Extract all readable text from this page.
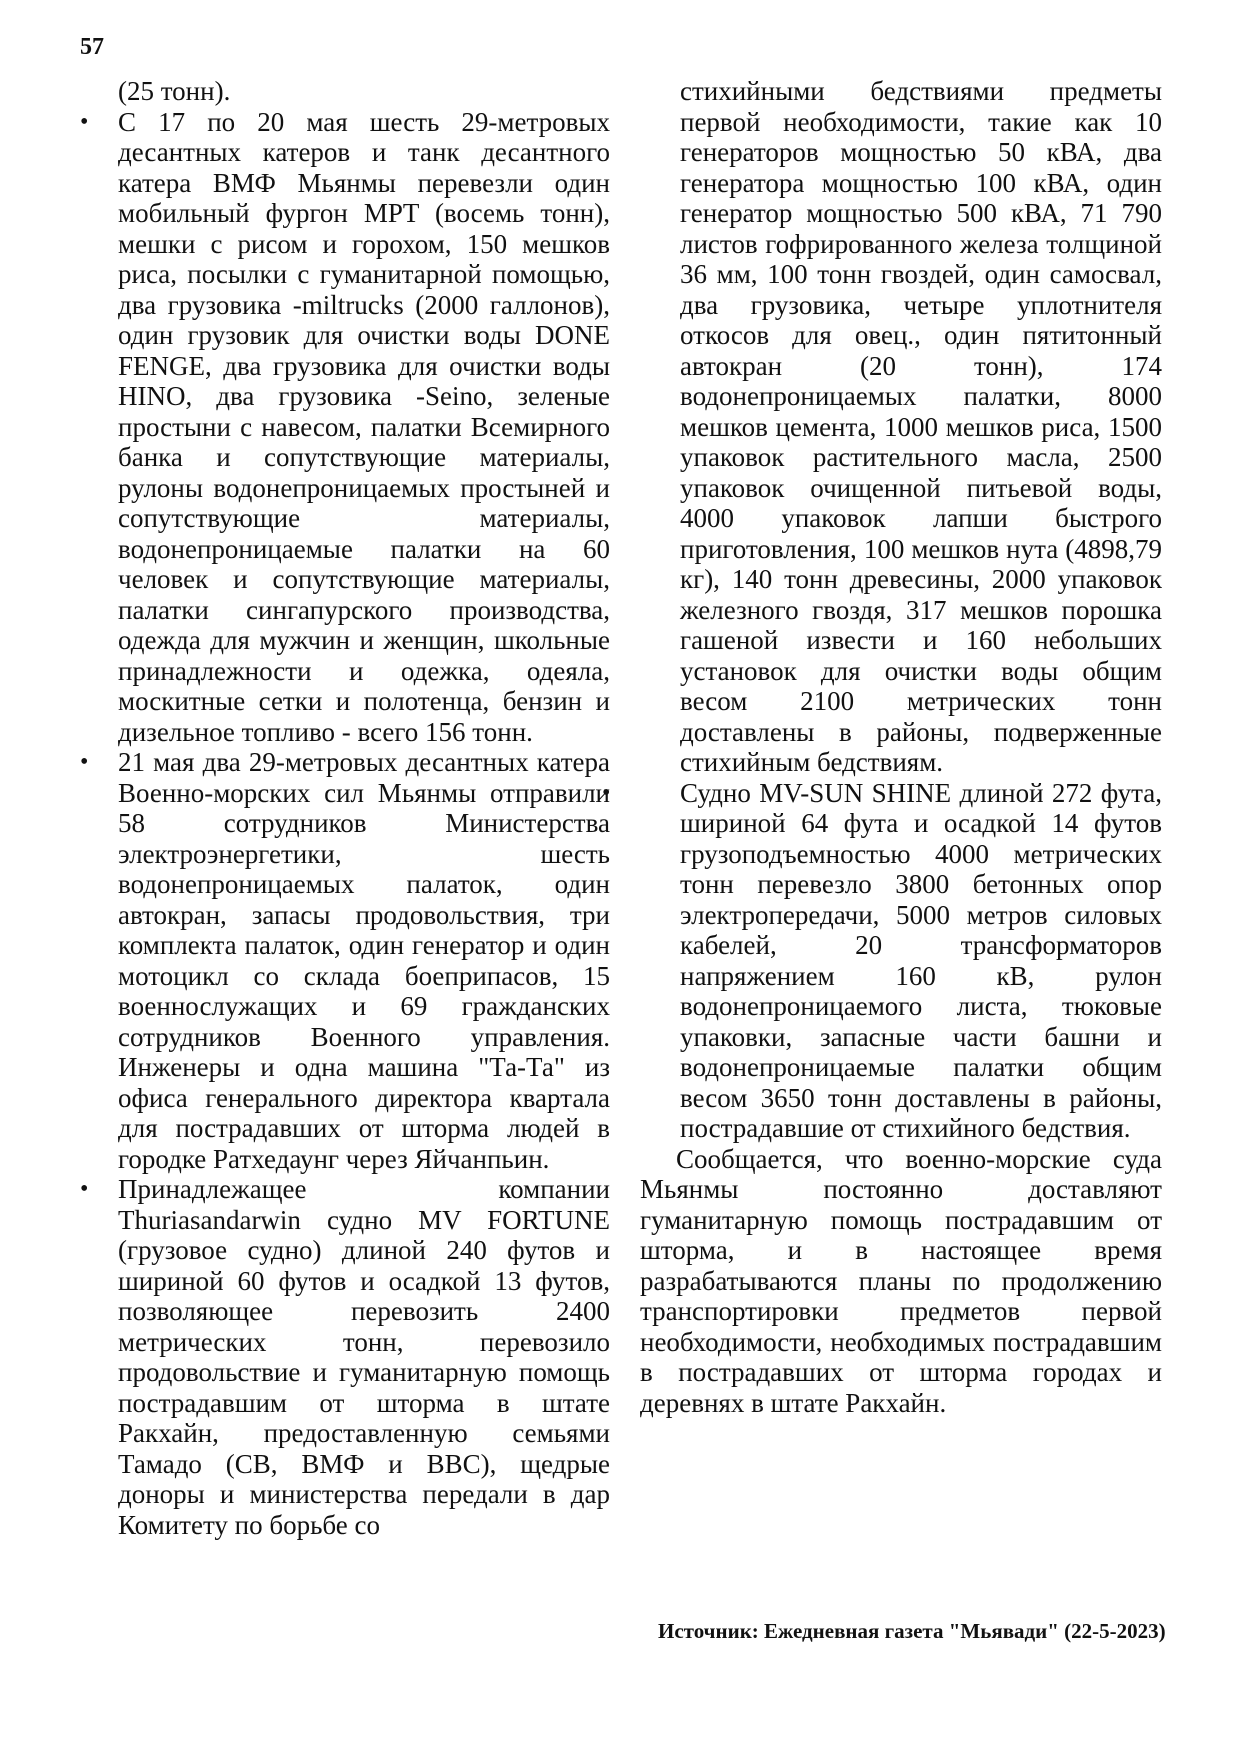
57

(25 тонн).

• С 17 по 20 мая шесть 29-метровых десантных катеров и танк десантного катера ВМФ Мьянмы перевезли один мобильный фургон MPT (восемь тонн), мешки с рисом и горохом, 150 мешков риса, посылки с гуманитарной помощью, два грузовика -miltrucks (2000 галлонов), один грузовик для очистки воды DONE FENGE, два грузовика для очистки воды HINO, два грузовика -Seino, зеленые простыни с навесом, палатки Всемирного банка и сопутствующие материалы, рулоны водонепроницаемых простыней и сопутствующие материалы, водонепроницаемые палатки на 60 человек и сопутствующие материалы, палатки сингапурского производства, одежда для мужчин и женщин, школьные принадлежности и одежка, одеяла, москитные сетки и полотенца, бензин и дизельное топливо - всего 156 тонн.

• 21 мая два 29-метровых десантных катера Военно-морских сил Мьянмы отправили 58 сотрудников Министерства электроэнергетики, шесть водонепроницаемых палаток, один автокран, запасы продовольствия, три комплекта палаток, один генератор и один мотоцикл со склада боеприпасов, 15 военнослужащих и 69 гражданских сотрудников Военного управления. Инженеры и одна машина "Та-Та" из офиса генерального директора квартала для пострадавших от шторма людей в городке Ратхедаунг через Яйчанпьин.

• Принадлежащее компании Thuriasandarwin судно MV FORTUNE (грузовое судно) длиной 240 футов и шириной 60 футов и осадкой 13 футов, позволяющее перевозить 2400 метрических тонн, перевозило продовольствие и гуманитарную помощь пострадавшим от шторма в штате Ракхайн, предоставленную семьями Тамадо (СВ, ВМФ и ВВС), щедрые доноры и министерства передали в дар Комитету по борьбе со

стихийными бедствиями предметы первой необходимости, такие как 10 генераторов мощностью 50 кВА, два генератора мощностью 100 кВА, один генератор мощностью 500 кВА, 71 790 листов гофрированного железа толщиной 36 мм, 100 тонн гвоздей, один самосвал, два грузовика, четыре уплотнителя откосов для овец., один пятитонный автокран (20 тонн), 174 водонепроницаемых палатки, 8000 мешков цемента, 1000 мешков риса, 1500 упаковок растительного масла, 2500 упаковок очищенной питьевой воды, 4000 упаковок лапши быстрого приготовления, 100 мешков нута (4898,79 кг), 140 тонн древесины, 2000 упаковок железного гвоздя, 317 мешков порошка гашеной извести и 160 небольших установок для очистки воды общим весом 2100 метрических тонн доставлены в районы, подверженные стихийным бедствиям.

• Судно MV-SUN SHINE длиной 272 фута, шириной 64 фута и осадкой 14 футов грузоподъемностью 4000 метрических тонн перевезло 3800 бетонных опор электропередачи, 5000 метров силовых кабелей, 20 трансформаторов напряжением 160 кВ, рулон водонепроницаемого листа, тюковые упаковки, запасные части башни и водонепроницаемые палатки общим весом 3650 тонн доставлены в районы, пострадавшие от стихийного бедствия.

Сообщается, что военно-морские суда Мьянмы постоянно доставляют гуманитарную помощь пострадавшим от шторма, и в настоящее время разрабатываются планы по продолжению транспортировки предметов первой необходимости, необходимых пострадавшим в пострадавших от шторма городах и деревнях в штате Ракхайн.

Источник: Ежедневная газета "Мьявади" (22-5-2023)
